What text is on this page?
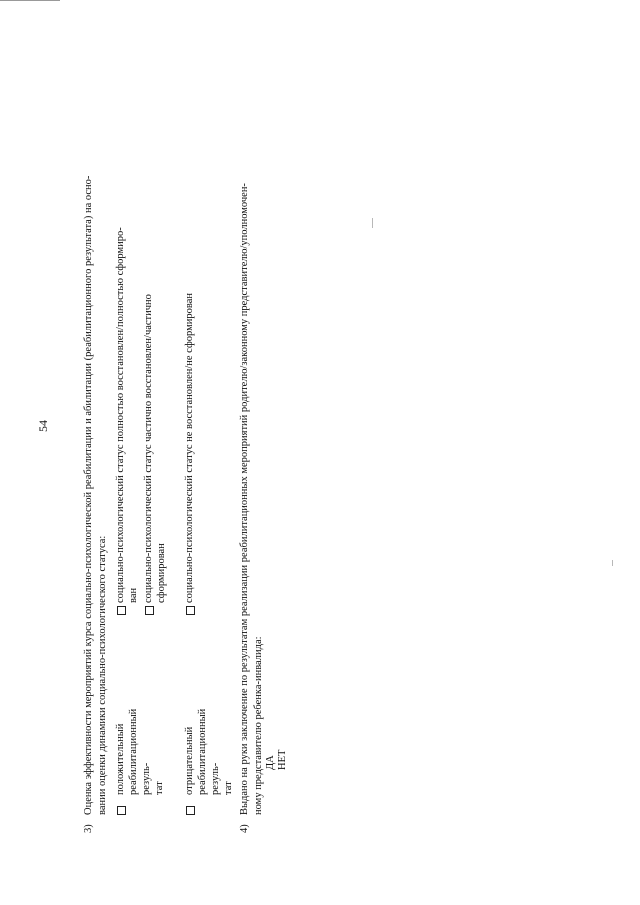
54
3)Оценка эффективности мероприятий курса социально-психологической реабилитации и абилитации (реабилитационного результата) на осно- вании оценки динамики социально-психологического статуса: положительный реабилитационный резуль- тат отрицательный реабилитационный резуль- тат
социально-психологический статус полностью восстановлен/полностью сформиро- ван социально-психологический статус частично восстановлен/частично сформирован социально-психологический статус не восстановлен/не сформирован
4)Выдано на руки заключение по результатам реализации реабилитационных мероприятий родителю/законному представителю/уполномочен- ному представителю ребенка-инвалида: ДА НЕТ
